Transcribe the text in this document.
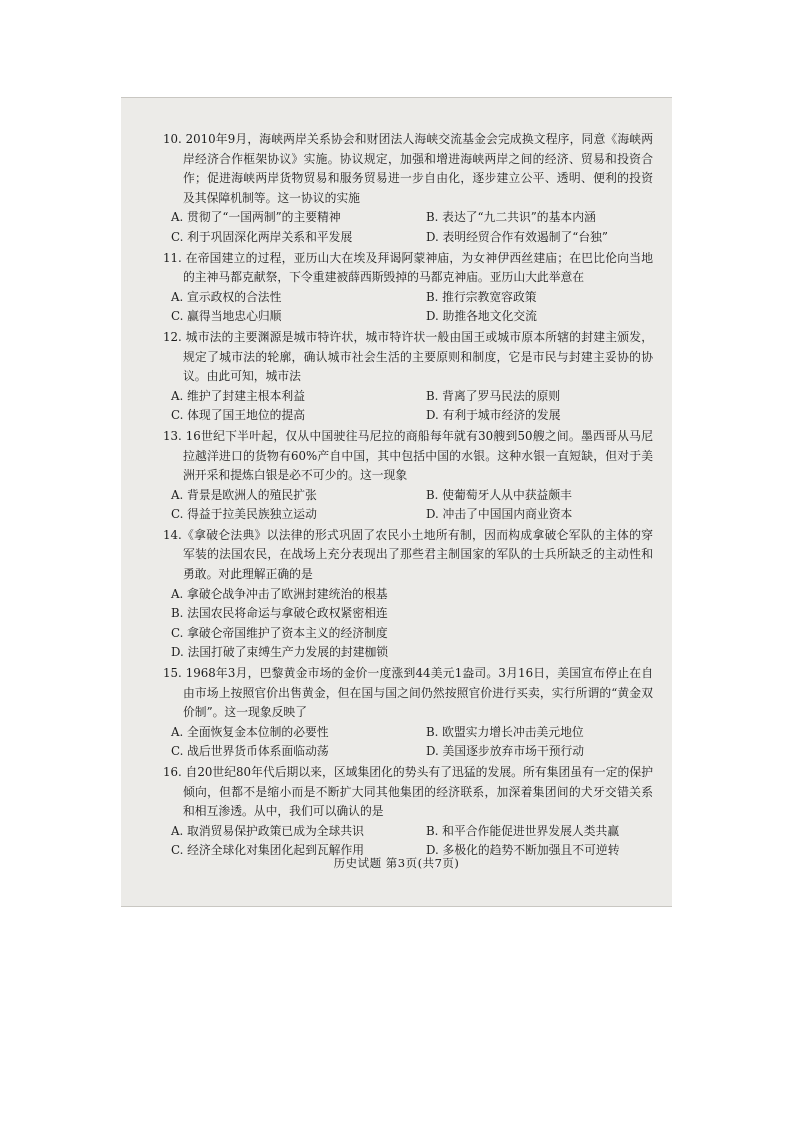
10. 2010年9月，海峡两岸关系协会和财团法人海峡交流基金会完成换文程序，同意《海峡两岸经济合作框架协议》实施。协议规定，加强和增进海峡两岸之间的经济、贸易和投资合作；促进海峡两岸货物贸易和服务贸易进一步自由化，逐步建立公平、透明、便利的投资及其保障机制等。这一协议的实施
A. 贯彻了“一国两制”的主要精神	B. 表达了“九二共识”的基本内涵
C. 利于巩固深化两岸关系和平发展	D. 表明经贸合作有效遏制了“台独”
11. 在帝国建立的过程，亚历山大在埃及拜谒阿蒙神庙，为女神伊西丝建庙；在巴比伦向当地的主神马都克献祭，下令重建被薛西斯毁掉的马都克神庙。亚历山大此举意在
A. 宣示政权的合法性	B. 推行宗教宽容政策
C. 赢得当地忠心归顺	D. 助推各地文化交流
12. 城市法的主要渊源是城市特许状，城市特许状一般由国王或城市原本所辖的封建主颁发，规定了城市法的轮廓，确认城市社会生活的主要原则和制度，它是市民与封建主妥协的协议。由此可知，城市法
A. 维护了封建主根本利益	B. 背离了罗马民法的原则
C. 体现了国王地位的提高	D. 有利于城市经济的发展
13. 16世纪下半叶起，仅从中国驶往马尼拉的商船每年就有30艘到50艘之间。墨西哥从马尼拉越洋进口的货物有60%产自中国，其中包括中国的水银。这种水银一直短缺，但对于美洲开采和提炼白银是必不可少的。这一现象
A. 背景是欧洲人的殖民扩张	B. 使葡萄牙人从中获益颇丰
C. 得益于拉美民族独立运动	D. 冲击了中国国内商业资本
14.《拿破仑法典》以法律的形式巩固了农民小土地所有制，因而构成拿破仑军队的主体的穿军装的法国农民，在战场上充分表现出了那些君主制国家的军队的士兵所缺乏的主动性和勇敢。对此理解正确的是
A. 拿破仑战争冲击了欧洲封建统治的根基
B. 法国农民将命运与拿破仑政权紧密相连
C. 拿破仑帝国维护了资本主义的经济制度
D. 法国打破了束缚生产力发展的封建枷锁
15. 1968年3月，巴黎黄金市场的金价一度涨到44美元1盎司。3月16日，美国宣布停止在自由市场上按照官价出售黄金，但在国与国之间仍然按照官价进行买卖，实行所谓的“黄金双价制”。这一现象反映了
A. 全面恢复金本位制的必要性	B. 欧盟实力增长冲击美元地位
C. 战后世界货币体系面临动荡	D. 美国逐步放弃市场干预行动
16. 自20世纪80年代后期以来，区域集团化的势头有了迅猛的发展。所有集团虽有一定的保护倾向，但都不是缩小而是不断扩大同其他集团的经济联系，加深着集团间的犬牙交错关系和相互渗透。从中，我们可以确认的是
A. 取消贸易保护政策已成为全球共识	B. 和平合作能促进世界发展人类共赢
C. 经济全球化对集团化起到瓦解作用	D. 多极化的趋势不断加强且不可逆转
历史试题 第3页(共7页)
